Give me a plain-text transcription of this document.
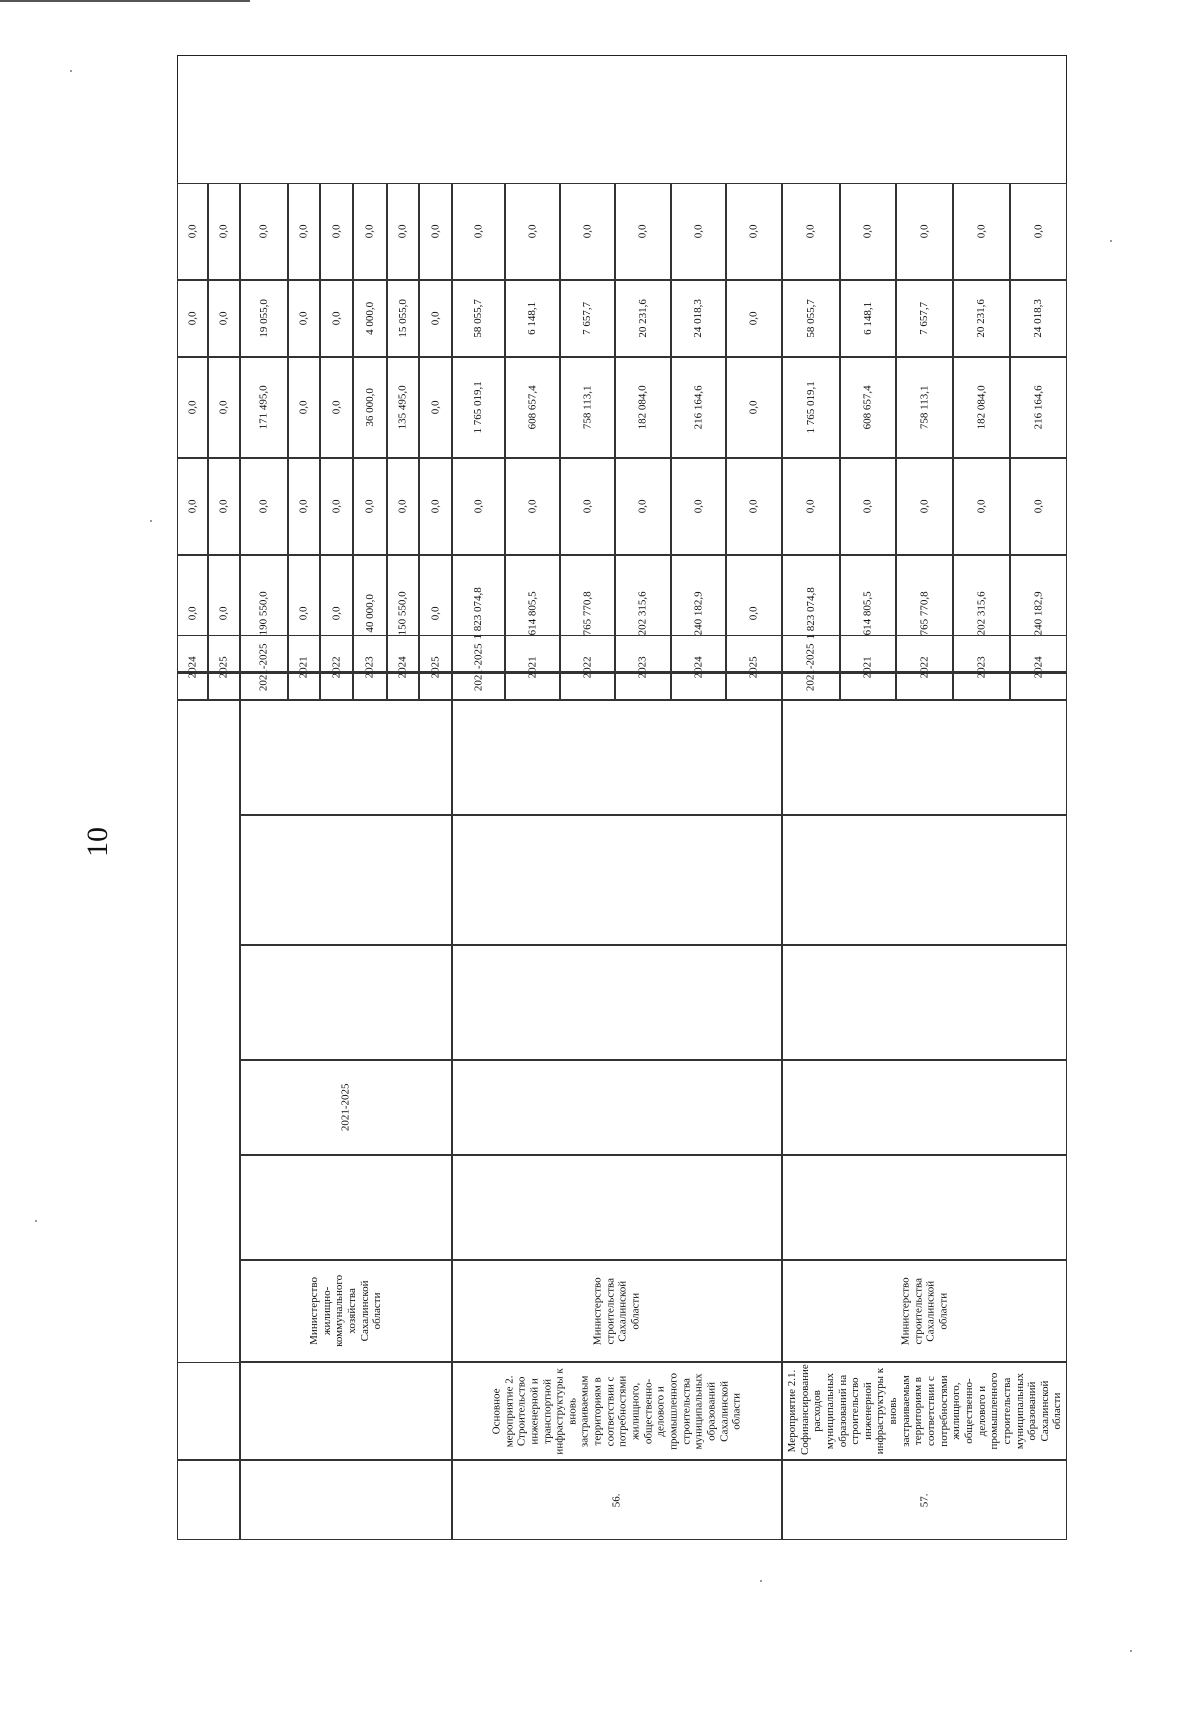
10
2024
0,0
0,0
0,0
0,0
0,0
2025
0,0
0,0
0,0
0,0
0,0
2021-2025
190 550,0
0,0
171 495,0
19 055,0
0,0
2021
0,0
0,0
0,0
0,0
0,0
2022
0,0
0,0
0,0
0,0
0,0
2023
40 000,0
0,0
36 000,0
4 000,0
0,0
2024
150 550,0
0,0
135 495,0
15 055,0
0,0
2025
0,0
0,0
0,0
0,0
0,0
2021-2025
1 823 074,8
0,0
1 765 019,1
58 055,7
0,0
2021
614 805,5
0,0
608 657,4
6 148,1
0,0
2022
765 770,8
0,0
758 113,1
7 657,7
0,0
2023
202 315,6
0,0
182 084,0
20 231,6
0,0
2024
240 182,9
0,0
216 164,6
24 018,3
0,0
2025
0,0
0,0
0,0
0,0
0,0
2021-2025
1 823 074,8
0,0
1 765 019,1
58 055,7
0,0
2021
614 805,5
0,0
608 657,4
6 148,1
0,0
2022
765 770,8
0,0
758 113,1
7 657,7
0,0
2023
202 315,6
0,0
182 084,0
20 231,6
0,0
2024
240 182,9
0,0
216 164,6
24 018,3
0,0
Министерство жилищно-коммунального хозяйства Сахалинской области
2021-2025
Министерство строительства Сахалинской области	Министерство строительства Сахалинской области
56.
Основное мероприятие 2. Строительство инженерной и транспортной инфраструктуры к вновь застраиваемым территориям в соответствии с потребностями жилищного, общественно-делового и промышленного строительства муниципальных образований Сахалинской области
57.
Мероприятие 2.1. Софинансирование расходов муниципальных образований на строительство инженерной инфраструктуры к вновь застраиваемым территориям в соответствии с потребностями жилищного, общественно-делового и промышленного строительства муниципальных образований Сахалинской области
